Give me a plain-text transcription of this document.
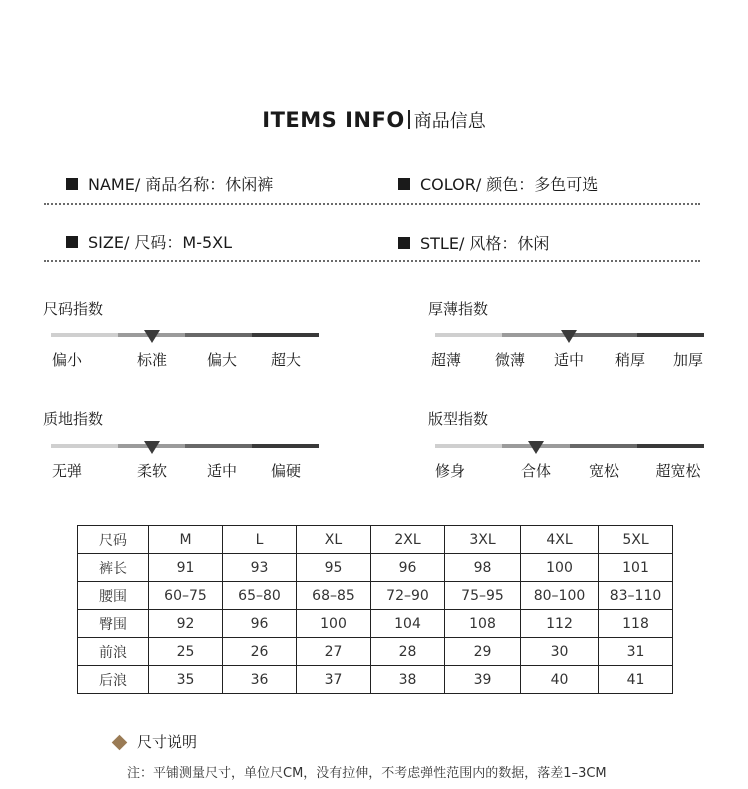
ITEMS INFO 商品信息
NAME/ 商品名称：休闲裤	COLOR/ 颜色：多色可选
SIZE/ 尺码：M-5XL	STLE/ 风格：休闲
尺码指数
偏小	标准	偏大	超大
厚薄指数
超薄	微薄	适中	稍厚	加厚
质地指数
无弹	柔软	适中	偏硬
版型指数
修身	合体	宽松	超宽松
尺码	M	L	XL	2XL	3XL	4XL	5XL
裤长	91	93	95	96	98	100	101
腰围	60–75	65–80	68–85	72–90	75–95	80–100	83–110
臀围	92	96	100	104	108	112	118
前浪	25	26	27	28	29	30	31
后浪	35	36	37	38	39	40	41
尺寸说明
注：平铺测量尺寸，单位尺CM，没有拉伸，不考虑弹性范围内的数据，落差1–3CM
